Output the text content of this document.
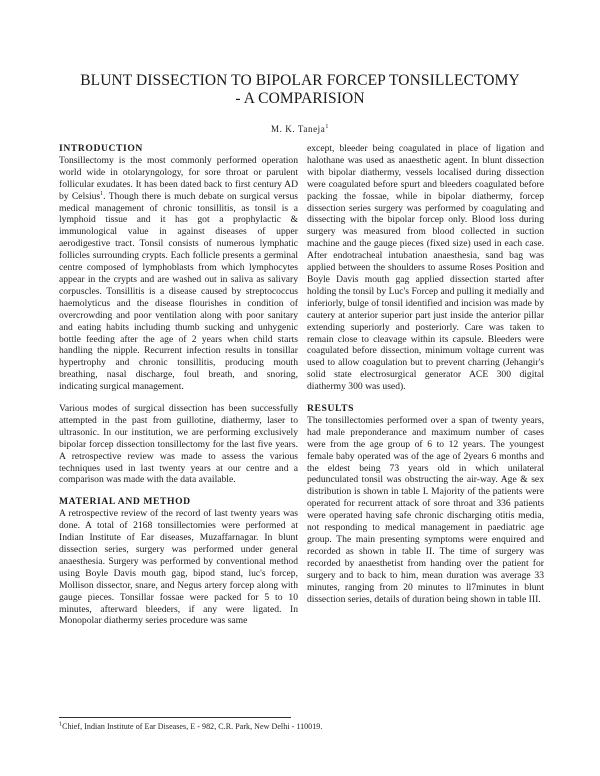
BLUNT DISSECTION TO BIPOLAR FORCEP TONSILLECTOMY
- A COMPARISION
M. K. Taneja$^1$
INTRODUCTION

Tonsillectomy is the most commonly performed operation world wide in otolaryngology, for sore throat or parulent follicular exudates. It has been dated back to first century AD by Celsius$^1$. Though there is much debate on surgical versus medical management of chronic tonsillitis, as tonsil is a lymphoid tissue and it has got a prophylactic & immunological value in against diseases of upper aerodigestive tract. Tonsil consists of numerous lymphatic follicles surrounding crypts. Each follicle presents a germinal centre composed of lymphoblasts from which lymphocytes appear in the crypts and are washed out in saliva as salivary corpuscles. Tonsillitis is a disease caused by streptococcus haemolyticus and the disease flourishes in condition of overcrowding and poor ventilation along with poor sanitary and eating habits including thumb sucking and unhygenic bottle feeding after the age of 2 years when child starts handling the nipple. Recurrent infection results in tonsillar hypertrophy and chronic tonsillitis, producing mouth breathing, nasal discharge, foul breath, and snoring, indicating surgical management.

Various modes of surgical dissection has been successfully attempted in the past from guillotine, diathermy, laser to ultrasonic. In our institution, we are performing exclusively bipolar forcep dissection tonsillectomy for the last five years. A retrospective review was made to assess the various techniques used in last twenty years at our centre and a comparison was made with the data available.

MATERIAL AND METHOD

A retrospective review of the record of last twenty years was done. A total of 2168 tonsillectomies were performed at Indian Institute of Ear diseases, Muzaffarnagar. In blunt dissection series, surgery was performed under general anaesthesia. Surgery was performed by conventional method using Boyle Davis mouth gag, bipod stand, luc's forcep, Mollison dissector, snare, and Negus artery forcep along with gauge pieces. Tonsillar fossae were packed for 5 to 10 minutes, afterward bleeders, if any were ligated. In Monopolar diathermy series procedure was same

except, bleeder being coagulated in place of ligation and halothane was used as anaesthetic agent. In blunt dissection with bipolar diathermy, vessels localised during dissection were coagulated before spurt and bleeders coagulated before packing the fossae, while in bipolar diathermy, forcep dissection series surgery was performed by coagulating and dissecting with the bipolar forcep only. Blood loss during surgery was measured from blood collected in suction machine and the gauge pieces (fixed size) used in each case. After endotracheal intubation anaesthesia, sand bag was applied between the shoulders to assume Roses Position and Boyle Davis mouth gag applied dissection started after holding the tonsil by Luc's Forcep and pulling it medially and inferiorly, bulge of tonsil identified and incision was made by cautery at anterior superior part just inside the anterior pillar extending superiorly and posteriorly. Care was taken to remain close to cleavage within its capsule. Bleeders were coagulated before dissection, minimum voltage current was used to allow coagulation but to prevent charring (Jehangir's solid state electrosurgical generator ACE 300 digital diathermy 300 was used).

RESULTS

The tonsillectomies performed over a span of twenty years, had male preponderance and maximum number of cases were from the age group of 6 to 12 years. The youngest female baby operated was of the age of 2years 6 months and the eldest being 73 years old in which unilateral pedunculated tonsil was obstructing the air-way. Age & sex distribution is shown in table I. Majority of the patients were operated for recurrent attack of sore throat and 336 patients were operated having safe chronic discharging otitis media, not responding to medical management in paediatric age group. The main presenting symptoms were enquired and recorded as shown in table II. The time of surgery was recorded by anaesthetist from handing over the patient for surgery and to back to him, mean duration was average 33 minutes, ranging from 20 minutes to ll7minutes in blunt dissection series, details of duration being shown in table III.

$^1$Chief, Indian Institute of Ear Diseases, E - 982, C.R. Park, New Delhi - 110019.
